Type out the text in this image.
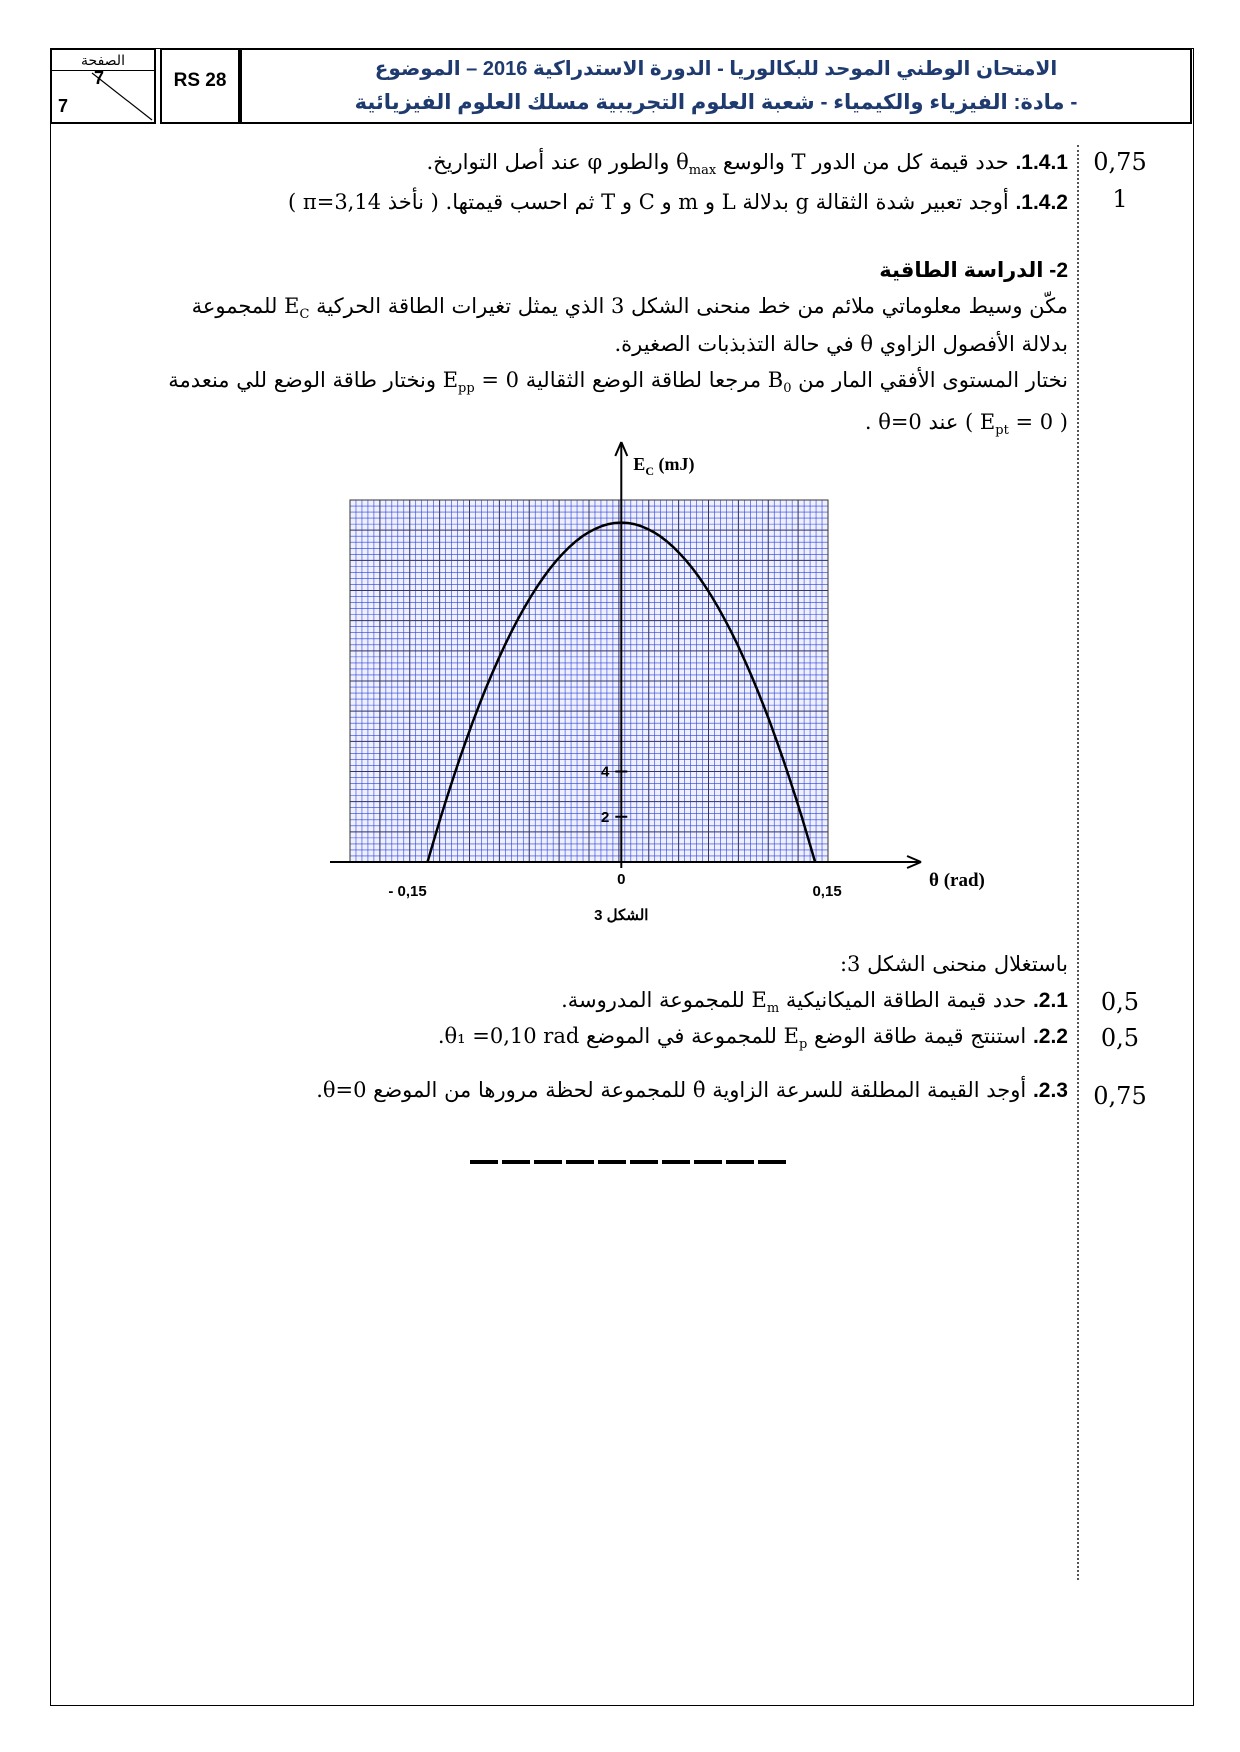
الصفحة
7
7
RS 28
الامتحان الوطني الموحد للبكالوريا - الدورة الاستدراكية 2016 – الموضوع
- مادة: الفيزياء والكيمياء - شعبة العلوم التجريبية مسلك العلوم الفيزيائية
1.4.1. حدد قيمة كل من الدور T والوسع $\theta_{max}$ والطور φ عند أصل التواريخ.	0,75
1.4.2. أوجد تعبير شدة الثقالة g بدلالة L و m و C و T ثم احسب قيمتها. ( نأخذ π=3,14 )	1
2- الدراسة الطاقية
مكّن وسيط معلوماتي ملائم من خط منحنى الشكل 3 الذي يمثل تغيرات الطاقة الحركية $E_C$ للمجموعة
بدلالة الأفصول الزاوي θ في حالة التذبذبات الصغيرة.
نختار المستوى الأفقي المار من $B_0$ مرجعا لطاقة الوضع الثقالية $E_{pp} = 0$ ونختار طاقة الوضع للي منعدمة
( $E_{pt} = 0$ ) عند θ=0 .
2
4
- 0,15
0
0,15
$E_C$ (mJ)
θ (rad)
الشكل 3
باستغلال منحنى الشكل 3:
2.1. حدد قيمة الطاقة الميكانيكية $E_m$ للمجموعة المدروسة.	0,5
2.2. استنتج قيمة طاقة الوضع $E_p$ للمجموعة في الموضع θ₁ =0,10 rad.	0,5
2.3. أوجد القيمة المطلقة للسرعة الزاوية θ̇ للمجموعة لحظة مرورها من الموضع θ=0.	0,75
